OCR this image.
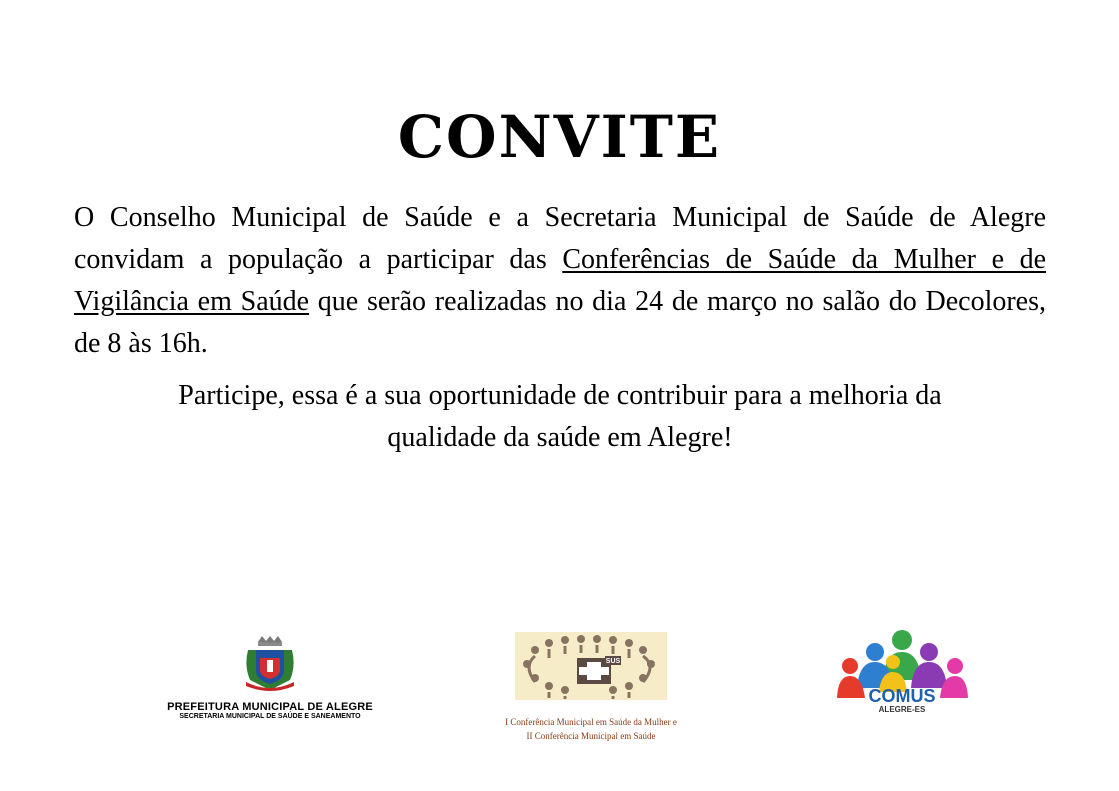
CONVITE

O Conselho Municipal de Saúde e a Secretaria Municipal de Saúde de Alegre convidam a população a participar das Conferências de Saúde da Mulher e de Vigilância em Saúde que serão realizadas no dia 24 de março no salão do Decolores, de 8 às 16h.

Participe, essa é a sua oportunidade de contribuir para a melhoria da
qualidade da saúde em Alegre!

PREFEITURA MUNICIPAL DE ALEGRE
SECRETARIA MUNICIPAL DE SAÚDE E SANEAMENTO
SUS
I Conferência Municipal em Saúde da Mulher e
II Conferência Municipal em Saúde
COMUS
ALEGRE-ES
